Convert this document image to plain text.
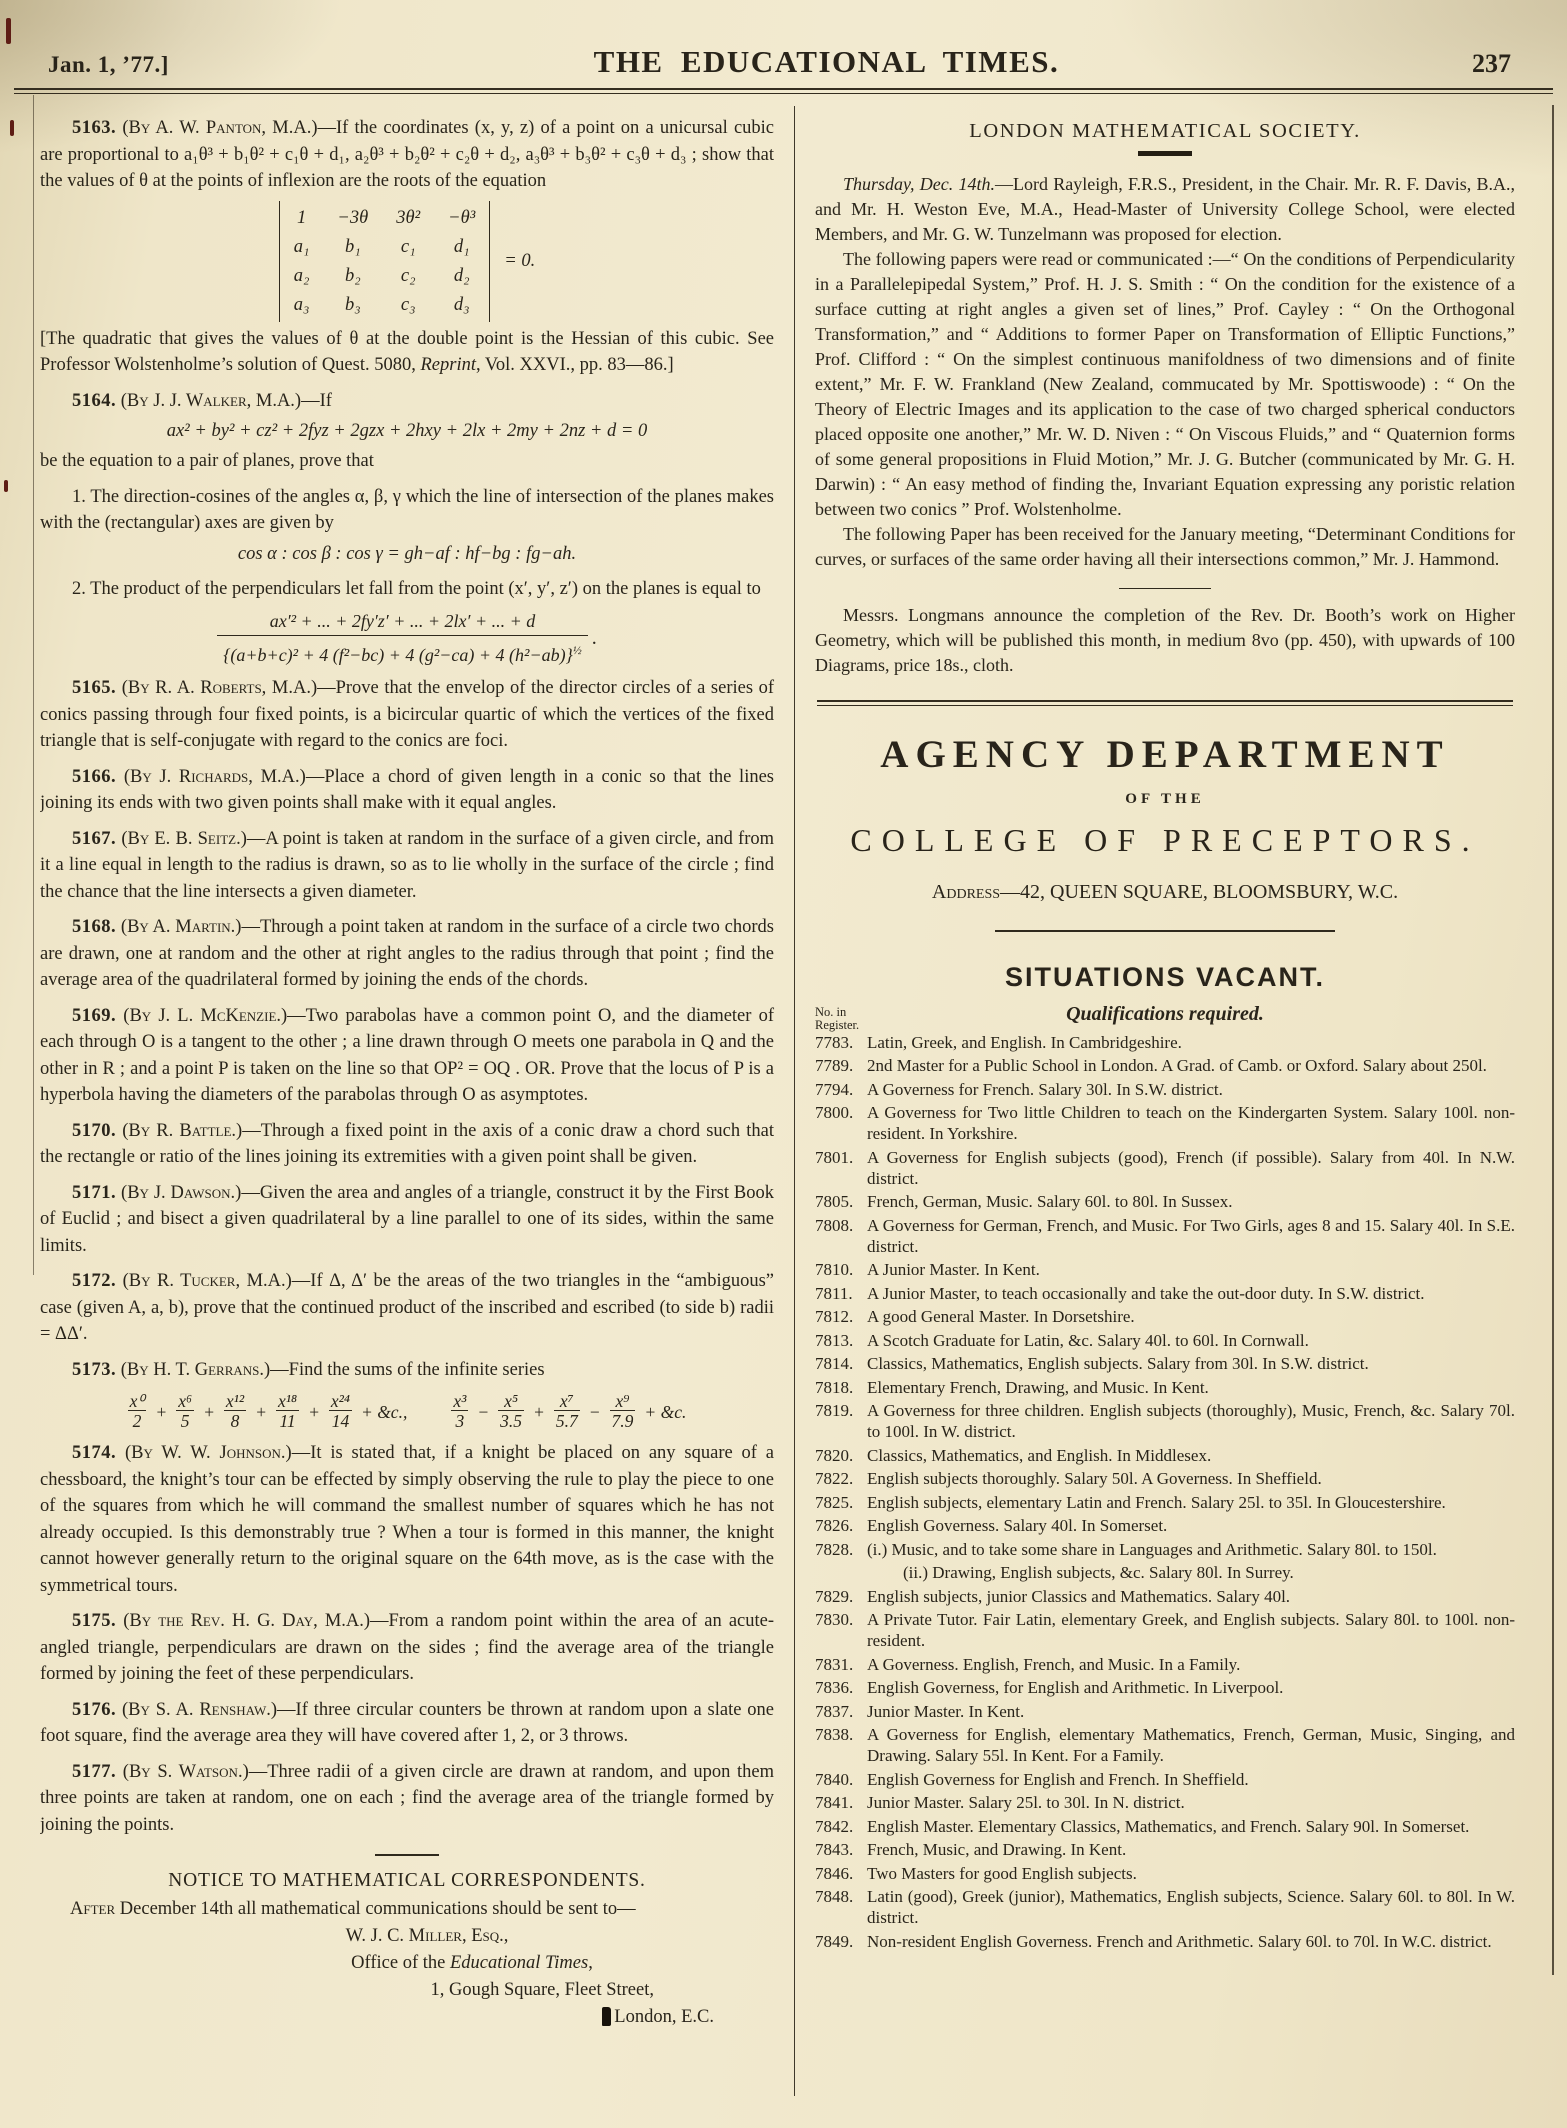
Jan. 1, ’77.]	THE EDUCATIONAL TIMES.	237

5163. (By A. W. Panton, M.A.)—If the coordinates (x, y, z) of a point on a unicursal cubic are proportional to a₁θ³ + b₁θ² + c₁θ + d₁, a₂θ³ + b₂θ² + c₂θ + d₂, a₃θ³ + b₃θ² + c₃θ + d₃ ; show that the values of θ at the points of inflexion are the roots of the equation

1 −3θ 3θ² −θ³
a₁	b₁	c₁	d₁
a₂	b₂	c₂	d₂
a₃	b₃	c₃	d₃
= 0.

[The quadratic that gives the values of θ at the double point is the Hessian of this cubic. See Professor Wolstenholme’s solution of Quest. 5080, Reprint, Vol. XXVI., pp. 83—86.]

5164. (By J. J. Walker, M.A.)—If

ax² + by² + cz² + 2fyz + 2gzx + 2hxy + 2lx + 2my + 2nz + d = 0

be the equation to a pair of planes, prove that

1. The direction-cosines of the angles α, β, γ which the line of intersection of the planes makes with the (rectangular) axes are given by

cos α : cos β : cos γ = gh−af : hf−bg : fg−ah.

2. The product of the perpendiculars let fall from the point (x′, y′, z′) on the planes is equal to

$\frac{\text{ax′² + ... + 2fy′z′ + ... + 2lx′ + ... + d}}{\{(a+b+c)^2 + 4 (f^2-bc) + 4 (g^2-ca) + 4 (h^2-ab)\}^{\frac{1}{2}}}$ .

5165. (By R. A. Roberts, M.A.)—Prove that the envelop of the director circles of a series of conics passing through four fixed points, is a bicircular quartic of which the vertices of the fixed triangle that is self-conjugate with regard to the conics are foci.

5166. (By J. Richards, M.A.)—Place a chord of given length in a conic so that the lines joining its ends with two given points shall make with it equal angles.

5167. (By E. B. Seitz.)—A point is taken at random in the surface of a given circle, and from it a line equal in length to the radius is drawn, so as to lie wholly in the surface of the circle ; find the chance that the line intersects a given diameter.

5168. (By A. Martin.)—Through a point taken at random in the surface of a circle two chords are drawn, one at random and the other at right angles to the radius through that point ; find the average area of the quadrilateral formed by joining the ends of the chords.

5169. (By J. L. McKenzie.)—Two parabolas have a common point O, and the diameter of each through O is a tangent to the other ; a line drawn through O meets one parabola in Q and the other in R ; and a point P is taken on the line so that OP² = OQ . OR. Prove that the locus of P is a hyperbola having the diameters of the parabolas through O as asymptotes.

5170. (By R. Battle.)—Through a fixed point in the axis of a conic draw a chord such that the rectangle or ratio of the lines joining its extremities with a given point shall be given.

5171. (By J. Dawson.)—Given the area and angles of a triangle, construct it by the First Book of Euclid ; and bisect a given quadrilateral by a line parallel to one of its sides, within the same limits.

5172. (By R. Tucker, M.A.)—If Δ, Δ′ be the areas of the two triangles in the “ambiguous” case (given A, a, b), prove that the continued product of the inscribed and escribed (to side b) radii = ΔΔ′.

5173. (By H. T. Gerrans.)—Find the sums of the infinite series

x⁰
$2 + \frac{\text{x⁶}}{5} + \frac{\text{x¹²}}{8} + \frac{\text{x¹⁸}}{11} + \frac{\text{x²⁴}}{14}$ + &c.,
x³
$3 - \frac{\text{x⁵}}{3.5} + \frac{\text{x⁷}}{5.7} - \frac{\text{x⁹}}{7.9}$ + &c.

5174. (By W. W. Johnson.)—It is stated that, if a knight be placed on any square of a chessboard, the knight’s tour can be effected by simply observing the rule to play the piece to one of the squares from which he will command the smallest number of squares which he has not already occupied. Is this demonstrably true ? When a tour is formed in this manner, the knight cannot however generally return to the original square on the 64th move, as is the case with the symmetrical tours.

5175. (By the Rev. H. G. Day, M.A.)—From a random point within the area of an acute-angled triangle, perpendiculars are drawn on the sides ; find the average area of the triangle formed by joining the feet of these perpendiculars.

5176. (By S. A. Renshaw.)—If three circular counters be thrown at random upon a slate one foot square, find the average area they will have covered after 1, 2, or 3 throws.

5177. (By S. Watson.)—Three radii of a given circle are drawn at random, and upon them three points are taken at random, one on each ; find the average area of the triangle formed by joining the points.

NOTICE TO MATHEMATICAL CORRESPONDENTS.

After December 14th all mathematical communications should be sent to—

W. J. C. Miller, Esq.,
Office of the Educational Times,
1, Gough Square, Fleet Street,
London, E.C.
LONDON MATHEMATICAL SOCIETY.

Thursday, Dec. 14th.—Lord Rayleigh, F.R.S., President, in the Chair. Mr. R. F. Davis, B.A., and Mr. H. Weston Eve, M.A., Head-Master of University College School, were elected Members, and Mr. G. W. Tunzelmann was proposed for election.

The following papers were read or communicated :—“ On the conditions of Perpendicularity in a Parallelepipedal System,” Prof. H. J. S. Smith : “ On the condition for the existence of a surface cutting at right angles a given set of lines,” Prof. Cayley : “ On the Orthogonal Transformation,” and “ Additions to former Paper on Transformation of Elliptic Functions,” Prof. Clifford : “ On the simplest continuous manifoldness of two dimensions and of finite extent,” Mr. F. W. Frankland (New Zealand, commucated by Mr. Spottiswoode) : “ On the Theory of Electric Images and its application to the case of two charged spherical conductors placed opposite one another,” Mr. W. D. Niven : “ On Viscous Fluids,” and “ Quaternion forms of some general propositions in Fluid Motion,” Mr. J. G. Butcher (communicated by Mr. G. H. Darwin) : “ An easy method of finding the, Invariant Equation expressing any poristic relation between two conics ” Prof. Wolstenholme.

The following Paper has been received for the January meeting, “Determinant Conditions for curves, or surfaces of the same order having all their intersections common,” Mr. J. Hammond.

Messrs. Longmans announce the completion of the Rev. Dr. Booth’s work on Higher Geometry, which will be published this month, in medium 8vo (pp. 450), with upwards of 100 Diagrams, price 18s., cloth.

AGENCY DEPARTMENT
OF THE
COLLEGE OF PRECEPTORS.
Address—42, QUEEN SQUARE, BLOOMSBURY, W.C.
SITUATIONS VACANT.
No. in
Register.
Qualifications required.
7783. Latin, Greek, and English. In Cambridgeshire.
7789. 2nd Master for a Public School in London. A Grad. of Camb. or Oxford. Salary about 250l.
7794. A Governess for French. Salary 30l. In S.W. district.
7800. A Governess for Two little Children to teach on the Kindergarten System. Salary 100l. non-resident. In Yorkshire.
7801. A Governess for English subjects (good), French (if possible). Salary from 40l. In N.W. district.
7805. French, German, Music. Salary 60l. to 80l. In Sussex.
7808. A Governess for German, French, and Music. For Two Girls, ages 8 and 15. Salary 40l. In S.E. district.
7810. A Junior Master. In Kent.
7811. A Junior Master, to teach occasionally and take the out-door duty. In S.W. district.
7812. A good General Master. In Dorsetshire.
7813. A Scotch Graduate for Latin, &c. Salary 40l. to 60l. In Cornwall.
7814. Classics, Mathematics, English subjects. Salary from 30l. In S.W. district.
7818. Elementary French, Drawing, and Music. In Kent.
7819. A Governess for three children. English subjects (thoroughly), Music, French, &c. Salary 70l. to 100l. In W. district.
7820. Classics, Mathematics, and English. In Middlesex.
7822. English subjects thoroughly. Salary 50l. A Governess. In Sheffield.
7825. English subjects, elementary Latin and French. Salary 25l. to 35l. In Gloucestershire.
7826. English Governess. Salary 40l. In Somerset.
7828. (i.) Music, and to take some share in Languages and Arithmetic. Salary 80l. to 150l.
(ii.) Drawing, English subjects, &c. Salary 80l. In Surrey.
7829. English subjects, junior Classics and Mathematics. Salary 40l.
7830. A Private Tutor. Fair Latin, elementary Greek, and English subjects. Salary 80l. to 100l. non-resident.
7831. A Governess. English, French, and Music. In a Family.
7836. English Governess, for English and Arithmetic. In Liverpool.
7837. Junior Master. In Kent.
7838. A Governess for English, elementary Mathematics, French, German, Music, Singing, and Drawing. Salary 55l. In Kent. For a Family.
7840. English Governess for English and French. In Sheffield.
7841. Junior Master. Salary 25l. to 30l. In N. district.
7842. English Master. Elementary Classics, Mathematics, and French. Salary 90l. In Somerset.
7843. French, Music, and Drawing. In Kent.
7846. Two Masters for good English subjects.
7848. Latin (good), Greek (junior), Mathematics, English subjects, Science. Salary 60l. to 80l. In W. district.
7849. Non-resident English Governess. French and Arithmetic. Salary 60l. to 70l. In W.C. district.
